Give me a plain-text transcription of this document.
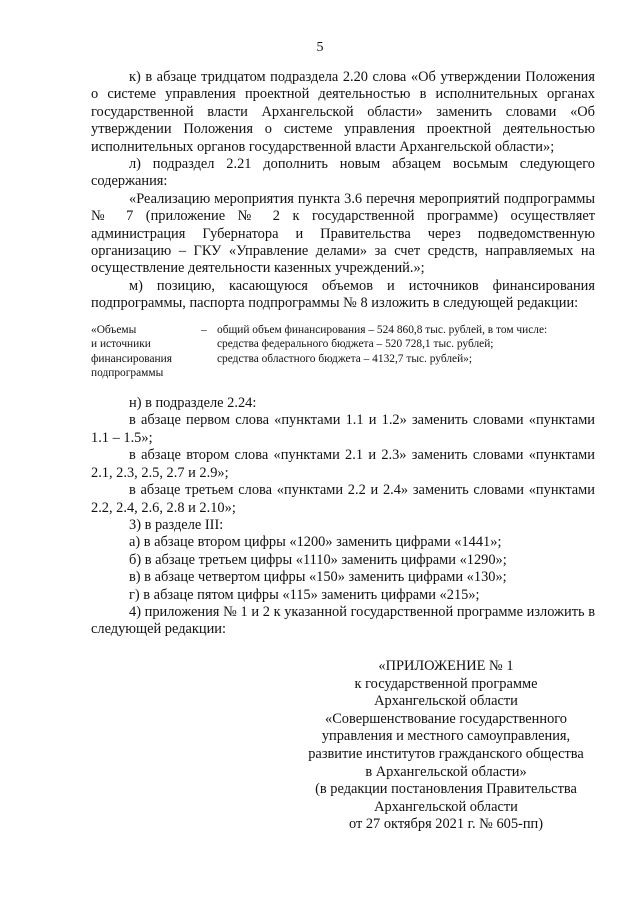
5

к) в абзаце тридцатом подраздела 2.20 слова «Об утверждении Положения о системе управления проектной деятельностью в исполнительных органах государственной власти Архангельской области» заменить словами «Об утверждении Положения о системе управления проектной деятельностью исполнительных органов государственной власти Архангельской области»;

л) подраздел 2.21 дополнить новым абзацем восьмым следующего содержания:

«Реализацию мероприятия пункта 3.6 перечня мероприятий подпрограммы № 7 (приложение № 2 к государственной программе) осуществляет администрация Губернатора и Правительства через подведомственную организацию – ГКУ «Управление делами» за счет средств, направляемых на осуществление деятельности казенных учреждений.»;

м) позицию, касающуюся объемов и источников финансирования подпрограммы, паспорта подпрограммы № 8 изложить в следующей редакции:

«Объемы
и источники
финансирования
подпрограммы
– общий объем финансирования – 524 860,8 тыс. рублей, в том числе:
средства федерального бюджета – 520 728,1 тыс. рублей;
средства областного бюджета – 4132,7 тыс. рублей»;

н) в подразделе 2.24:

в абзаце первом слова «пунктами 1.1 и 1.2» заменить словами «пунктами 1.1 – 1.5»;

в абзаце втором слова «пунктами 2.1 и 2.3» заменить словами «пунктами 2.1, 2.3, 2.5, 2.7 и 2.9»;

в абзаце третьем слова «пунктами 2.2 и 2.4» заменить словами «пунктами 2.2, 2.4, 2.6, 2.8 и 2.10»;

3) в разделе III:

а) в абзаце втором цифры «1200» заменить цифрами «1441»;

б) в абзаце третьем цифры «1110» заменить цифрами «1290»;

в) в абзаце четвертом цифры «150» заменить цифрами «130»;

г) в абзаце пятом цифры «115» заменить цифрами «215»;

4) приложения № 1 и 2 к указанной государственной программе изложить в следующей редакции:

«ПРИЛОЖЕНИЕ № 1
к государственной программе
Архангельской области
«Совершенствование государственного
управления и местного самоуправления,
развитие институтов гражданского общества
в Архангельской области»
(в редакции постановления Правительства
Архангельской области
от 27 октября 2021 г. № 605-пп)
